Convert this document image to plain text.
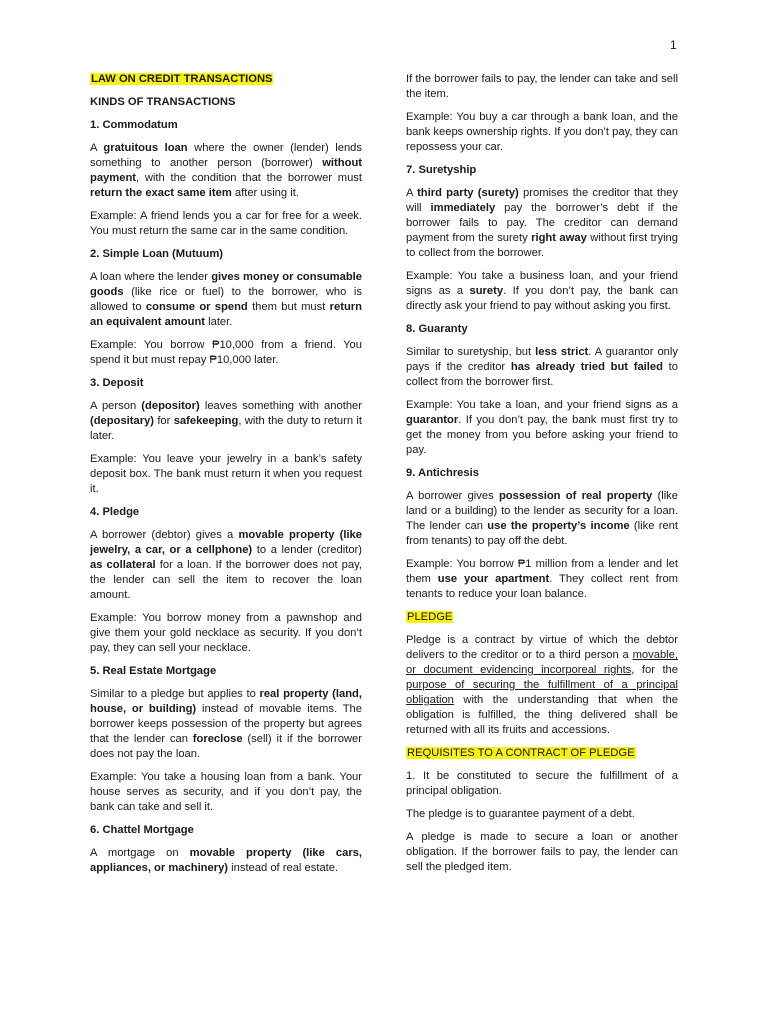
1

LAW ON CREDIT TRANSACTIONS

KINDS OF TRANSACTIONS

1. Commodatum

A gratuitous loan where the owner (lender) lends something to another person (borrower) without payment, with the condition that the borrower must return the exact same item after using it.

Example: A friend lends you a car for free for a week. You must return the same car in the same condition.

2. Simple Loan (Mutuum)

A loan where the lender gives money or consumable goods (like rice or fuel) to the borrower, who is allowed to consume or spend them but must return an equivalent amount later.

Example: You borrow ₱10,000 from a friend. You spend it but must repay ₱10,000 later.

3. Deposit

A person (depositor) leaves something with another (depositary) for safekeeping, with the duty to return it later.

Example: You leave your jewelry in a bank’s safety deposit box. The bank must return it when you request it.

4. Pledge

A borrower (debtor) gives a movable property (like jewelry, a car, or a cellphone) to a lender (creditor) as collateral for a loan. If the borrower does not pay, the lender can sell the item to recover the loan amount.

Example: You borrow money from a pawnshop and give them your gold necklace as security. If you don’t pay, they can sell your necklace.

5. Real Estate Mortgage

Similar to a pledge but applies to real property (land, house, or building) instead of movable items. The borrower keeps possession of the property but agrees that the lender can foreclose (sell) it if the borrower does not pay the loan.

Example: You take a housing loan from a bank. Your house serves as security, and if you don’t pay, the bank can take and sell it.

6. Chattel Mortgage

A mortgage on movable property (like cars, appliances, or machinery) instead of real estate.

If the borrower fails to pay, the lender can take and sell the item.

Example: You buy a car through a bank loan, and the bank keeps ownership rights. If you don’t pay, they can repossess your car.

7. Suretyship

A third party (surety) promises the creditor that they will immediately pay the borrower’s debt if the borrower fails to pay. The creditor can demand payment from the surety right away without first trying to collect from the borrower.

Example: You take a business loan, and your friend signs as a surety. If you don’t pay, the bank can directly ask your friend to pay without asking you first.

8. Guaranty

Similar to suretyship, but less strict. A guarantor only pays if the creditor has already tried but failed to collect from the borrower first.

Example: You take a loan, and your friend signs as a guarantor. If you don’t pay, the bank must first try to get the money from you before asking your friend to pay.

9. Antichresis

A borrower gives possession of real property (like land or a building) to the lender as security for a loan. The lender can use the property’s income (like rent from tenants) to pay off the debt.

Example: You borrow ₱1 million from a lender and let them use your apartment. They collect rent from tenants to reduce your loan balance.

PLEDGE

Pledge is a contract by virtue of which the debtor delivers to the creditor or to a third person a movable, or document evidencing incorporeal rights, for the purpose of securing the fulfillment of a principal obligation with the understanding that when the obligation is fulfilled, the thing delivered shall be returned with all its fruits and accessions.

REQUISITES TO A CONTRACT OF PLEDGE

1. It be constituted to secure the fulfillment of a principal obligation.

The pledge is to guarantee payment of a debt.

A pledge is made to secure a loan or another obligation. If the borrower fails to pay, the lender can sell the pledged item.
